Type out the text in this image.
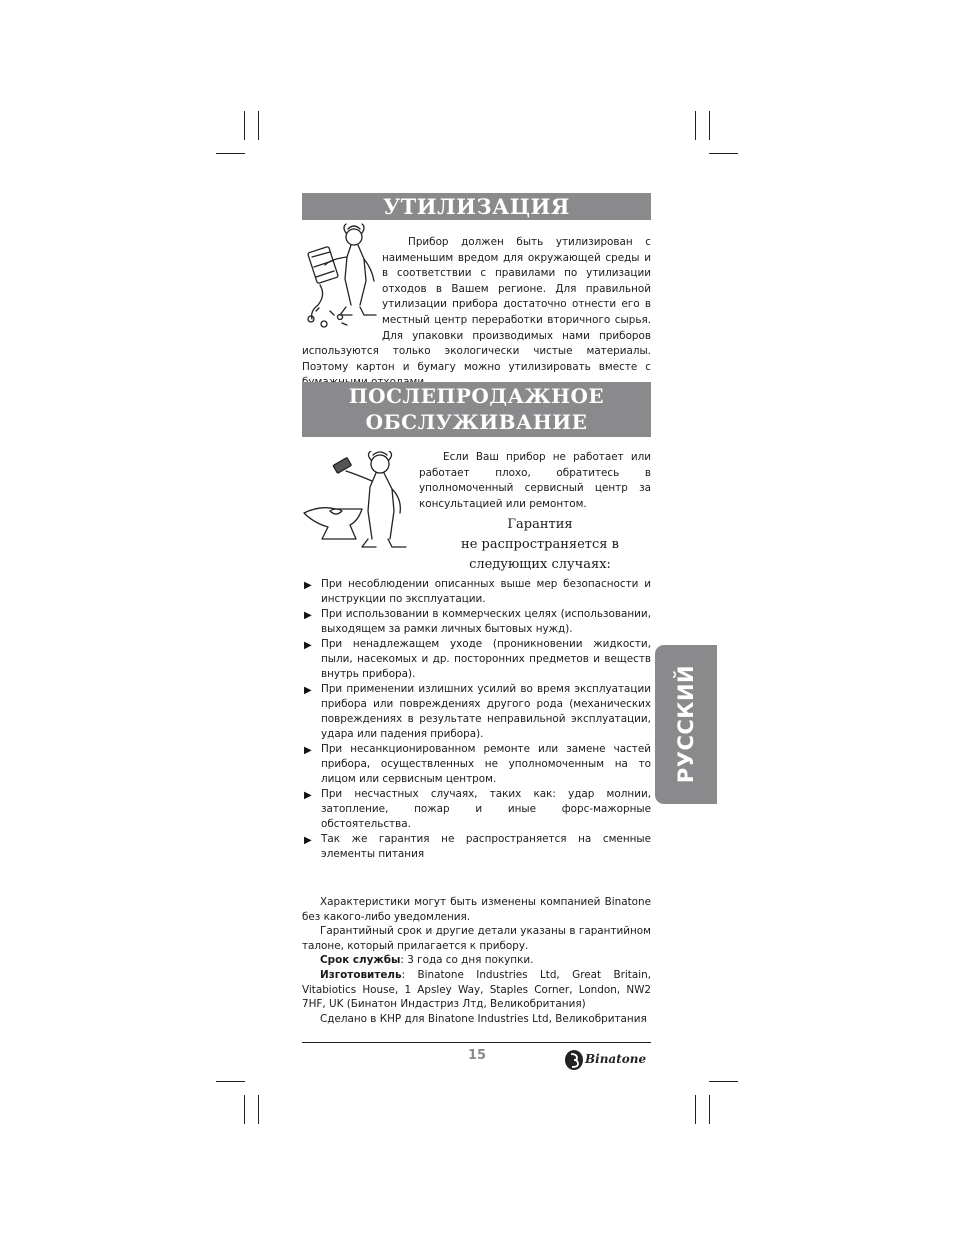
УТИЛИЗАЦИЯ
Прибор должен быть утилизирован с наименьшим вредом для окружающей среды и в соответствии с правилами по утилизации отходов в Вашем регионе. Для правильной утилизации прибора достаточно отнести его в местный центр переработки вторичного сырья. Для упаковки производимых нами приборов используются только экологически чистые материалы. Поэтому картон и бумагу можно утилизировать вместе с
ПОСЛЕПРОДАЖНОЕ
ОБСЛУЖИВАНИЕ
Если Ваш прибор не работает или работает плохо, обратитесь в уполномоченный сервисный центр за консультацией или ремонтом.
Гарантия
не распространяется в
следующих случаях:
▶ При несоблюдении описанных выше мер безопасности и инструкции по эксплуатации.
▶ При использовании в коммерческих целях (использовании, выходящем за рамки личных бытовых нужд).
▶ При ненадлежащем уходе (проникновении жидкости, пыли, насекомых и др. посторонних предметов и веществ внутрь прибора).
▶ При применении излишних усилий во время эксплуатации прибора или повреждениях другого рода (механических повреждениях в результате неправильной эксплуатации, удара или падения прибора).
▶ При несанкционированном ремонте или замене частей прибора, осуществленных не уполномоченным на то лицом или сервисным центром.
▶ При несчастных случаях, таких как: удар молнии, затопление, пожар и иные форс-мажорные обстоятельства.
▶ Так же гарантия не распространяется на сменные элементы питания
РУССКИЙ

Характеристики могут быть изменены компанией Binatone без какого-либо уведомления.

Гарантийный срок и другие детали указаны в гарантийном талоне, который прилагается к прибору.

Срок службы: 3 года со дня покупки.

Изготовитель: Binatone Industries Ltd, Great Britain, Vitabiotics House, 1 Apsley Way, Staples Corner, London, NW2 7HF, UK (Бинатон Индастриз Лтд, Великобритания)

Сделано в КНР для Binatone Industries Ltd, Великобритания

15	Binatone
